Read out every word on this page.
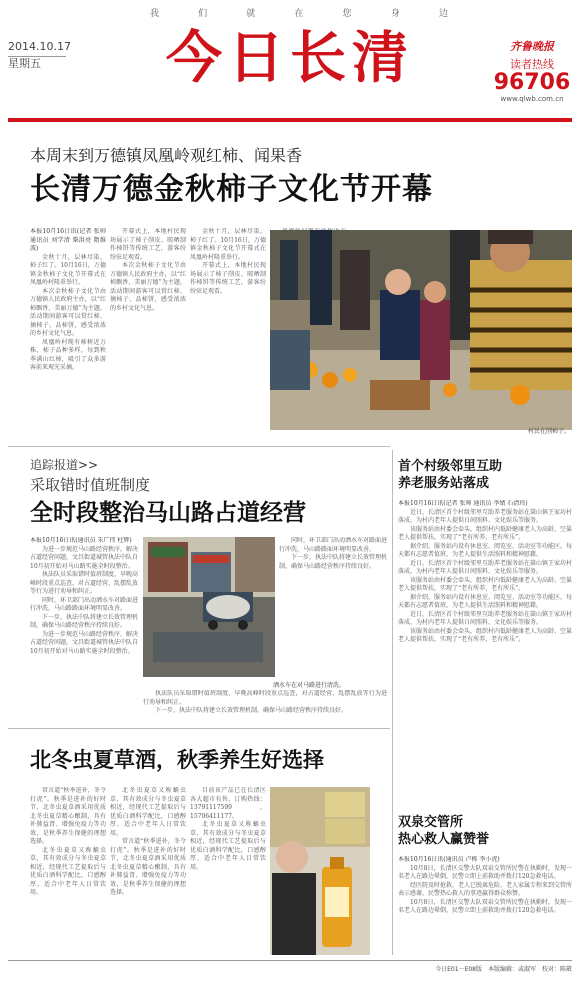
我	们	就	在	您	身	边
2014.10.17
星期五	今日长清	齐鲁晚报
读者热线
96706
www.qlwb.com.cn
本周末到万德镇凤凰岭观红柿、闻果香
长清万德金秋柿子文化节开幕

本报10月16日讯(记者 张帅 通讯员 刘学清 柴洪亮 隋维波)

金秋十月，层林尽染，柿子红了。10月16日，万德镇金秋柿子文化节开幕式在凤凰岭村隆重举行。

本次金秋柿子文化节由万德镇人民政府主办，以“红柿飘香，美丽万德”为主题，活动期间游客可以赏红柿、摘柿子、品柿饼，感受浓浓的乡村文化气息。

凤凰岭村现有柿树近万株，柿子品种多样，每到秋季满山红柿，吸引了众多游客前来观光采摘。

开幕式上，本地村民现场展示了柿子削皮、晾晒制作柿饼等传统工艺，游客纷纷驻足观看。

本次金秋柿子文化节由万德镇人民政府主办，以“红柿飘香，美丽万德”为主题，活动期间游客可以赏红柿、摘柿子、品柿饼，感受浓浓的乡村文化气息。

金秋十月，层林尽染，柿子红了。10月16日，万德镇金秋柿子文化节开幕式在凤凰岭村隆重举行。

开幕式上，本地村民现场展示了柿子削皮、晾晒制作柿饼等传统工艺，游客纷纷驻足观看。

村民在削柿子。
追踪报道>>
采取错时值班制度
全时段整治马山路占道经营

本报10月16日讯(通讯员 朱广伟 杜辉)

为进一步规范马山路经营秩序，解决占道经营问题，文昌街道城管执法中队自10月初开始对马山路实施全时段整治。

执法队员采取错时值班制度，早晚高峰时段重点巡查，对占道经营、乱摆乱放等行为进行劝导和纠正。

同时，环卫部门出动洒水车对路面进行冲洗，马山路路面环境明显改善。

下一步，执法中队将建立长效管理机制，确保马山路经营秩序持续良好。

为进一步规范马山路经营秩序，解决占道经营问题，文昌街道城管执法中队自10月初开始对马山路实施全时段整治。

洒水车在对马路进行清洗。

同时，环卫部门出动洒水车对路面进行冲洗，马山路路面环境明显改善。

下一步，执法中队将建立长效管理机制，确保马山路经营秩序持续良好。

执法队员采取错时值班制度，早晚高峰时段重点巡查，对占道经营、乱摆乱放等行为进行劝导和纠正。

下一步，执法中队将建立长效管理机制，确保马山路经营秩序持续良好。

北冬虫夏草酒，秋季养生好选择

常言道“秋季进补，冬令打虎”。秋季是进补的好时节，北冬虫夏草酒采用优质北冬虫夏草精心酿制，具有补肺益肾、增强免疫力等功效，是秋季养生保健的理想选择。

北冬虫夏草又称蛹虫草，其有效成分与冬虫夏草相近，经现代工艺提取后与优质白酒科学配比，口感醇厚，适合中老年人日常饮用。

北冬虫夏草又称蛹虫草，其有效成分与冬虫夏草相近，经现代工艺提取后与优质白酒科学配比，口感醇厚，适合中老年人日常饮用。

常言道“秋季进补，冬令打虎”。秋季是进补的好时节，北冬虫夏草酒采用优质北冬虫夏草精心酿制，具有补肺益肾、增强免疫力等功效，是秋季养生保健的理想选择。

目前该产品已在长清区各大超市有售，订购热线：13791117599，15706411177。

北冬虫夏草又称蛹虫草，其有效成分与冬虫夏草相近，经现代工艺提取后与优质白酒科学配比，口感醇厚，适合中老年人日常饮用。

首个村级邻里互助
养老服务站落成

本报10月16日讯(记者 张帅 通讯员 李婧 石清玮)

近日，长清区首个村级邻里互助养老服务站在崮山镇王家坊村落成，为村内老年人提供日间照料、文化娱乐等服务。

该服务站由村委会牵头，组织村内低龄健康老人为高龄、空巢老人提供帮扶，实现了“老有所养、老有所乐”。

据介绍，服务站内设有休息室、阅览室、活动室等功能区，每天都有志愿者值班，为老人提供生活照料和精神慰藉。

近日，长清区首个村级邻里互助养老服务站在崮山镇王家坊村落成，为村内老年人提供日间照料、文化娱乐等服务。

该服务站由村委会牵头，组织村内低龄健康老人为高龄、空巢老人提供帮扶，实现了“老有所养、老有所乐”。

据介绍，服务站内设有休息室、阅览室、活动室等功能区，每天都有志愿者值班，为老人提供生活照料和精神慰藉。

近日，长清区首个村级邻里互助养老服务站在崮山镇王家坊村落成，为村内老年人提供日间照料、文化娱乐等服务。

该服务站由村委会牵头，组织村内低龄健康老人为高龄、空巢老人提供帮扶，实现了“老有所养、老有所乐”。

双泉交管所
热心救人赢赞誉

本报10月16日讯(通讯员 卢栋 李小虎)

10月8日，长清区交警大队双泉交管所民警在执勤时，发现一名老人在路边晕倒，民警立即上前救助并拨打120急救电话。

经医院及时抢救，老人已脱离危险。老人家属专程来到交管所表示感谢，民警热心救人的事迹赢得群众称赞。

10月8日，长清区交警大队双泉交管所民警在执勤时，发现一名老人在路边晕倒，民警立即上前救助并拨打120急救电话。

今日E01－E08版　本版编辑：或淑军　校对：陈葳
